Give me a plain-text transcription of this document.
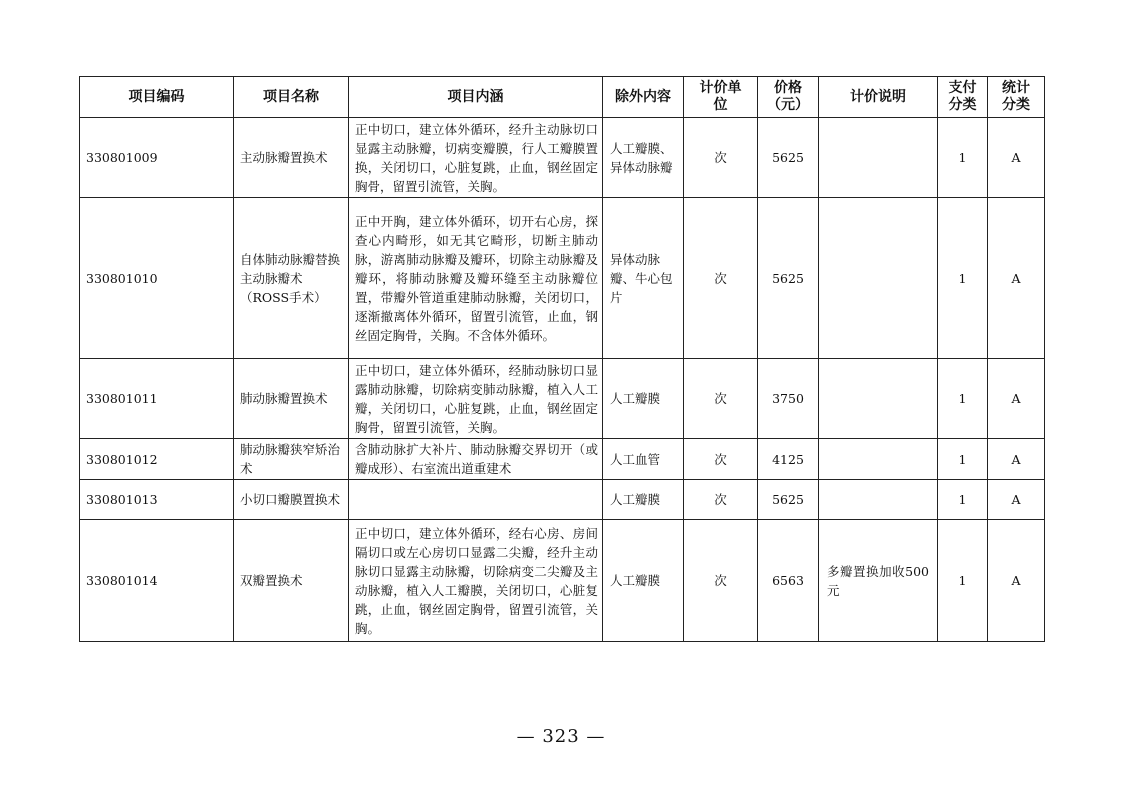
项目编码	项目名称	项目内涵	除外内容	计价单位	价格（元）	计价说明	支付分类	统计分类
330801009	主动脉瓣置换术	正中切口，建立体外循环，经升主动脉切口显露主动脉瓣，切病变瓣膜，行人工瓣膜置换，关闭切口，心脏复跳，止血，钢丝固定胸骨，留置引流管，关胸。	人工瓣膜、异体动脉瓣	次	5625		1	A
330801010	自体肺动脉瓣替换主动脉瓣术（ROSS手术）	正中开胸，建立体外循环，切开右心房，探查心内畸形，如无其它畸形，切断主肺动脉，游离肺动脉瓣及瓣环，切除主动脉瓣及瓣环，将肺动脉瓣及瓣环缝至主动脉瓣位置，带瓣外管道重建肺动脉瓣，关闭切口，逐渐撤离体外循环，留置引流管，止血，钢丝固定胸骨，关胸。不含体外循环。	异体动脉瓣、牛心包片	次	5625		1	A
330801011	肺动脉瓣置换术	正中切口，建立体外循环，经肺动脉切口显露肺动脉瓣，切除病变肺动脉瓣，植入人工瓣，关闭切口，心脏复跳，止血，钢丝固定胸骨，留置引流管，关胸。	人工瓣膜	次	3750		1	A
330801012	肺动脉瓣狭窄矫治术	含肺动脉扩大补片、肺动脉瓣交界切开（或瓣成形）、右室流出道重建术	人工血管	次	4125		1	A
330801013	小切口瓣膜置换术		人工瓣膜	次	5625		1	A
330801014	双瓣置换术	正中切口，建立体外循环，经右心房、房间隔切口或左心房切口显露二尖瓣，经升主动脉切口显露主动脉瓣，切除病变二尖瓣及主动脉瓣，植入人工瓣膜，关闭切口，心脏复跳，止血，钢丝固定胸骨，留置引流管，关胸。	人工瓣膜	次	6563	多瓣置换加收500元	1	A
— 323 —
